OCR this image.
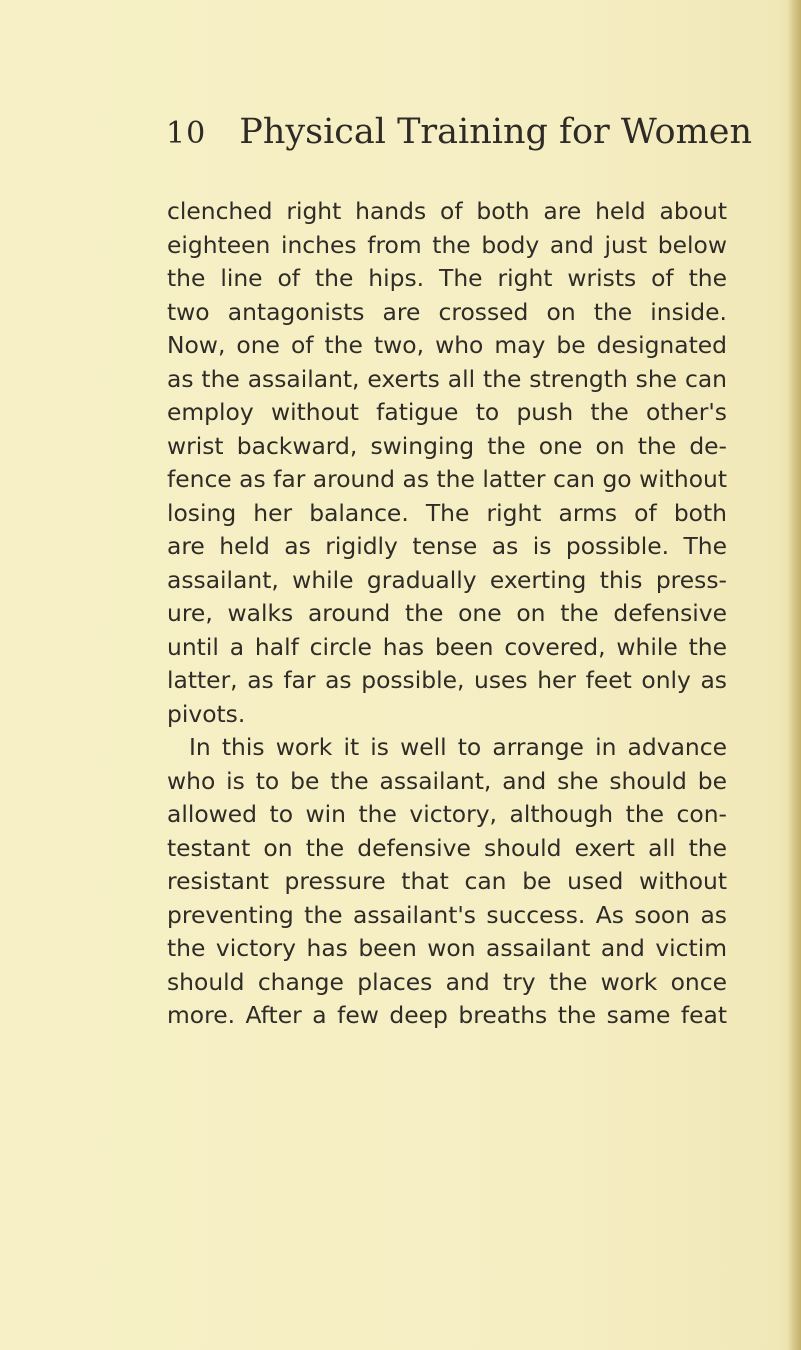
10 Physical Training for Women
clenched right hands of both are held about
eighteen inches from the body and just below
the line of the hips. The right wrists of the
two antagonists are crossed on the inside.
Now, one of the two, who may be designated
as the assailant, exerts all the strength she can
employ without fatigue to push the other's
wrist backward, swinging the one on the de-
fence as far around as the latter can go without
losing her balance. The right arms of both
are held as rigidly tense as is possible. The
assailant, while gradually exerting this press-
ure, walks around the one on the defensive
until a half circle has been covered, while the
latter, as far as possible, uses her feet only as
pivots.
In this work it is well to arrange in advance
who is to be the assailant, and she should be
allowed to win the victory, although the con-
testant on the defensive should exert all the
resistant pressure that can be used without
preventing the assailant's success. As soon as
the victory has been won assailant and victim
should change places and try the work once
more. After a few deep breaths the same feat
